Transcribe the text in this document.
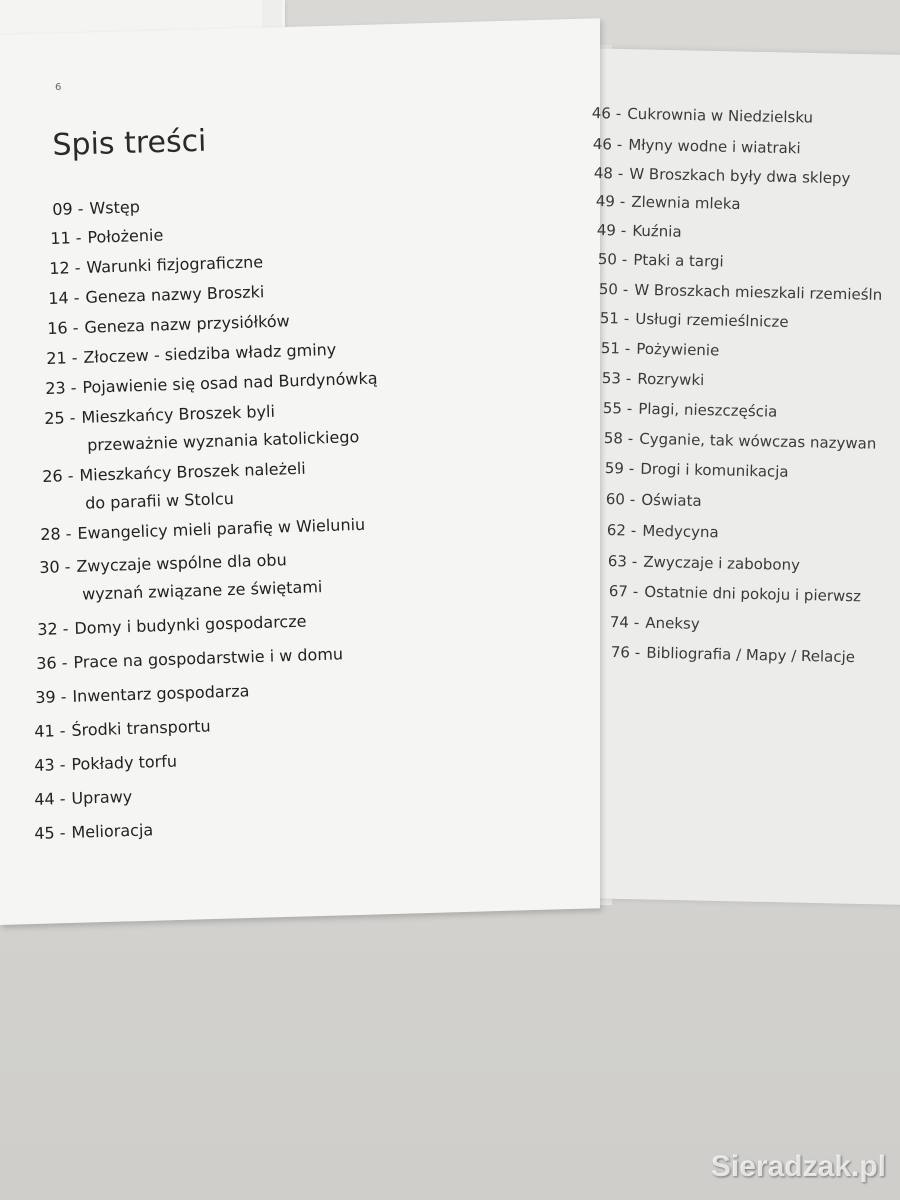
6
Spis treści
09 - Wstęp
11 - Położenie
12 - Warunki fizjograficzne
14 - Geneza nazwy Broszki
16 - Geneza nazw przysiółków
21 - Złoczew - siedziba władz gminy
23 - Pojawienie się osad nad Burdynówką
25 - Mieszkańcy Broszek byli
przeważnie wyznania katolickiego
26 - Mieszkańcy Broszek należeli
do parafii w Stolcu
28 - Ewangelicy mieli parafię w Wieluniu
30 - Zwyczaje wspólne dla obu
wyznań związane ze świętami
32 - Domy i budynki gospodarcze
36 - Prace na gospodarstwie i w domu
39 - Inwentarz gospodarza
41 - Środki transportu
43 - Pokłady torfu
44 - Uprawy
45 - Melioracja
46 - Cukrownia w Niedzielsku
46 - Młyny wodne i wiatraki
48 - W Broszkach były dwa sklepy
49 - Zlewnia mleka
49 - Kuźnia
50 - Ptaki a targi
50 - W Broszkach mieszkali rzemieśln
51 - Usługi rzemieślnicze
51 - Pożywienie
53 - Rozrywki
55 - Plagi, nieszczęścia
58 - Cyganie, tak wówczas nazywan
59 - Drogi i komunikacja
60 - Oświata
62 - Medycyna
63 - Zwyczaje i zabobony
67 - Ostatnie dni pokoju i pierwsz
74 - Aneksy
76 - Bibliografia / Mapy / Relacje
Sieradzak.pl
